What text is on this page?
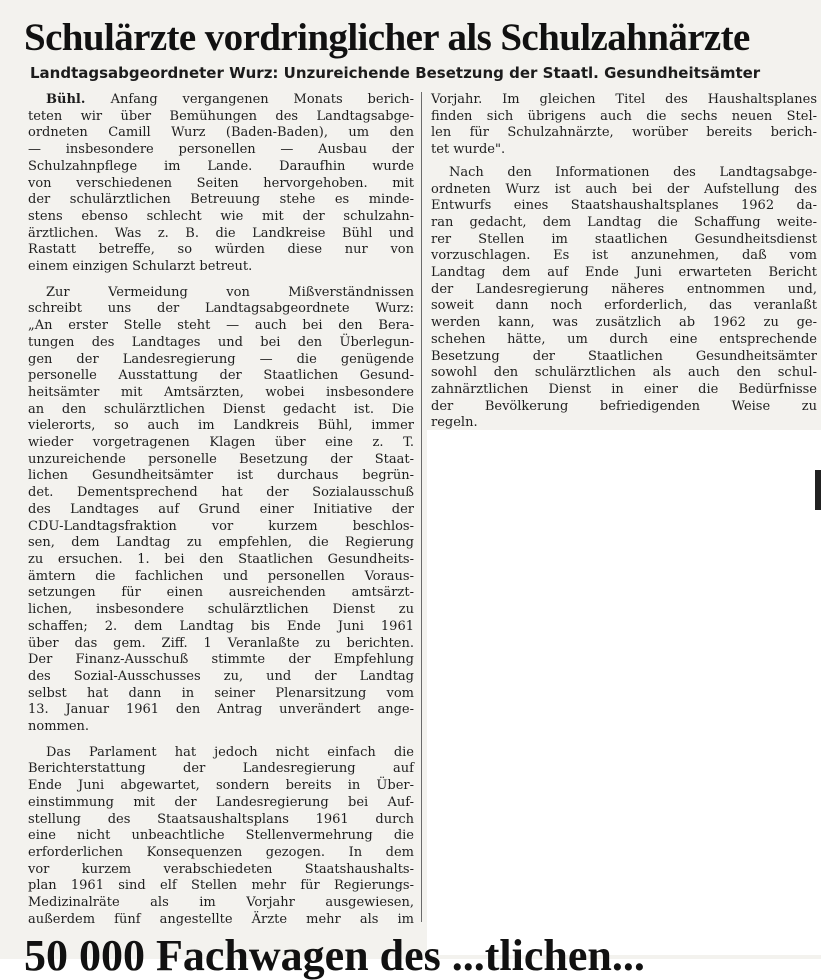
Schulärzte vordringlicher als Schulzahnärzte
Landtagsabgeordneter Wurz: Unzureichende Besetzung der Staatl. Gesundheitsämter
Bühl. Anfang vergangenen Monats berich-
teten wir über Bemühungen des Landtagsabge-
ordneten Camill Wurz (Baden-Baden), um den
— insbesondere personellen — Ausbau der
Schulzahnpflege im Lande. Daraufhin wurde
von verschiedenen Seiten hervorgehoben. mit
der schulärztlichen Betreuung stehe es minde-
stens ebenso schlecht wie mit der schulzahn-
ärztlichen. Was z. B. die Landkreise Bühl und
Rastatt betreffe, so würden diese nur von
einem einzigen Schularzt betreut.
Zur Vermeidung von Mißverständnissen
schreibt uns der Landtagsabgeordnete Wurz:
„An erster Stelle steht — auch bei den Bera-
tungen des Landtages und bei den Überlegun-
gen der Landesregierung — die genügende
personelle Ausstattung der Staatlichen Gesund-
heitsämter mit Amtsärzten, wobei insbesondere
an den schulärztlichen Dienst gedacht ist. Die
vielerorts, so auch im Landkreis Bühl, immer
wieder vorgetragenen Klagen über eine z. T.
unzureichende personelle Besetzung der Staat-
lichen Gesundheitsämter ist durchaus begrün-
det. Dementsprechend hat der Sozialausschuß
des Landtages auf Grund einer Initiative der
CDU-Landtagsfraktion vor kurzem beschlos-
sen, dem Landtag zu empfehlen, die Regierung
zu ersuchen. 1. bei den Staatlichen Gesundheits-
ämtern die fachlichen und personellen Voraus-
setzungen für einen ausreichenden amtsärzt-
lichen, insbesondere schulärztlichen Dienst zu
schaffen; 2. dem Landtag bis Ende Juni 1961
über das gem. Ziff. 1 Veranlaßte zu berichten.
Der Finanz-Ausschuß stimmte der Empfehlung
des Sozial-Ausschusses zu, und der Landtag
selbst hat dann in seiner Plenarsitzung vom
13. Januar 1961 den Antrag unverändert ange-
nommen.
Das Parlament hat jedoch nicht einfach die
Berichterstattung der Landesregierung auf
Ende Juni abgewartet, sondern bereits in Über-
einstimmung mit der Landesregierung bei Auf-
stellung des Staatsaushaltsplans 1961 durch
eine nicht unbeachtliche Stellenvermehrung die
erforderlichen Konsequenzen gezogen. In dem
vor kurzem verabschiedeten Staatshaushalts-
plan 1961 sind elf Stellen mehr für Regierungs-
Medizinalräte als im Vorjahr ausgewiesen,
außerdem fünf angestellte Ärzte mehr als im
Vorjahr. Im gleichen Titel des Haushaltsplanes
finden sich übrigens auch die sechs neuen Stel-
len für Schulzahnärzte, worüber bereits berich-
tet wurde".
Nach den Informationen des Landtagsabge-
ordneten Wurz ist auch bei der Aufstellung des
Entwurfs eines Staatshaushaltsplanes 1962 da-
ran gedacht, dem Landtag die Schaffung weite-
rer Stellen im staatlichen Gesundheitsdienst
vorzuschlagen. Es ist anzunehmen, daß vom
Landtag dem auf Ende Juni erwarteten Bericht
der Landesregierung näheres entnommen und,
soweit dann noch erforderlich, das veranlaßt
werden kann, was zusätzlich ab 1962 zu ge-
schehen hätte, um durch eine entsprechende
Besetzung der Staatlichen Gesundheitsämter
sowohl den schulärztlichen als auch den schul-
zahnärztlichen Dienst in einer die Bedürfnisse
der Bevölkerung befriedigenden Weise zu
regeln.
50 000 Fachwagen des ...tlichen...
